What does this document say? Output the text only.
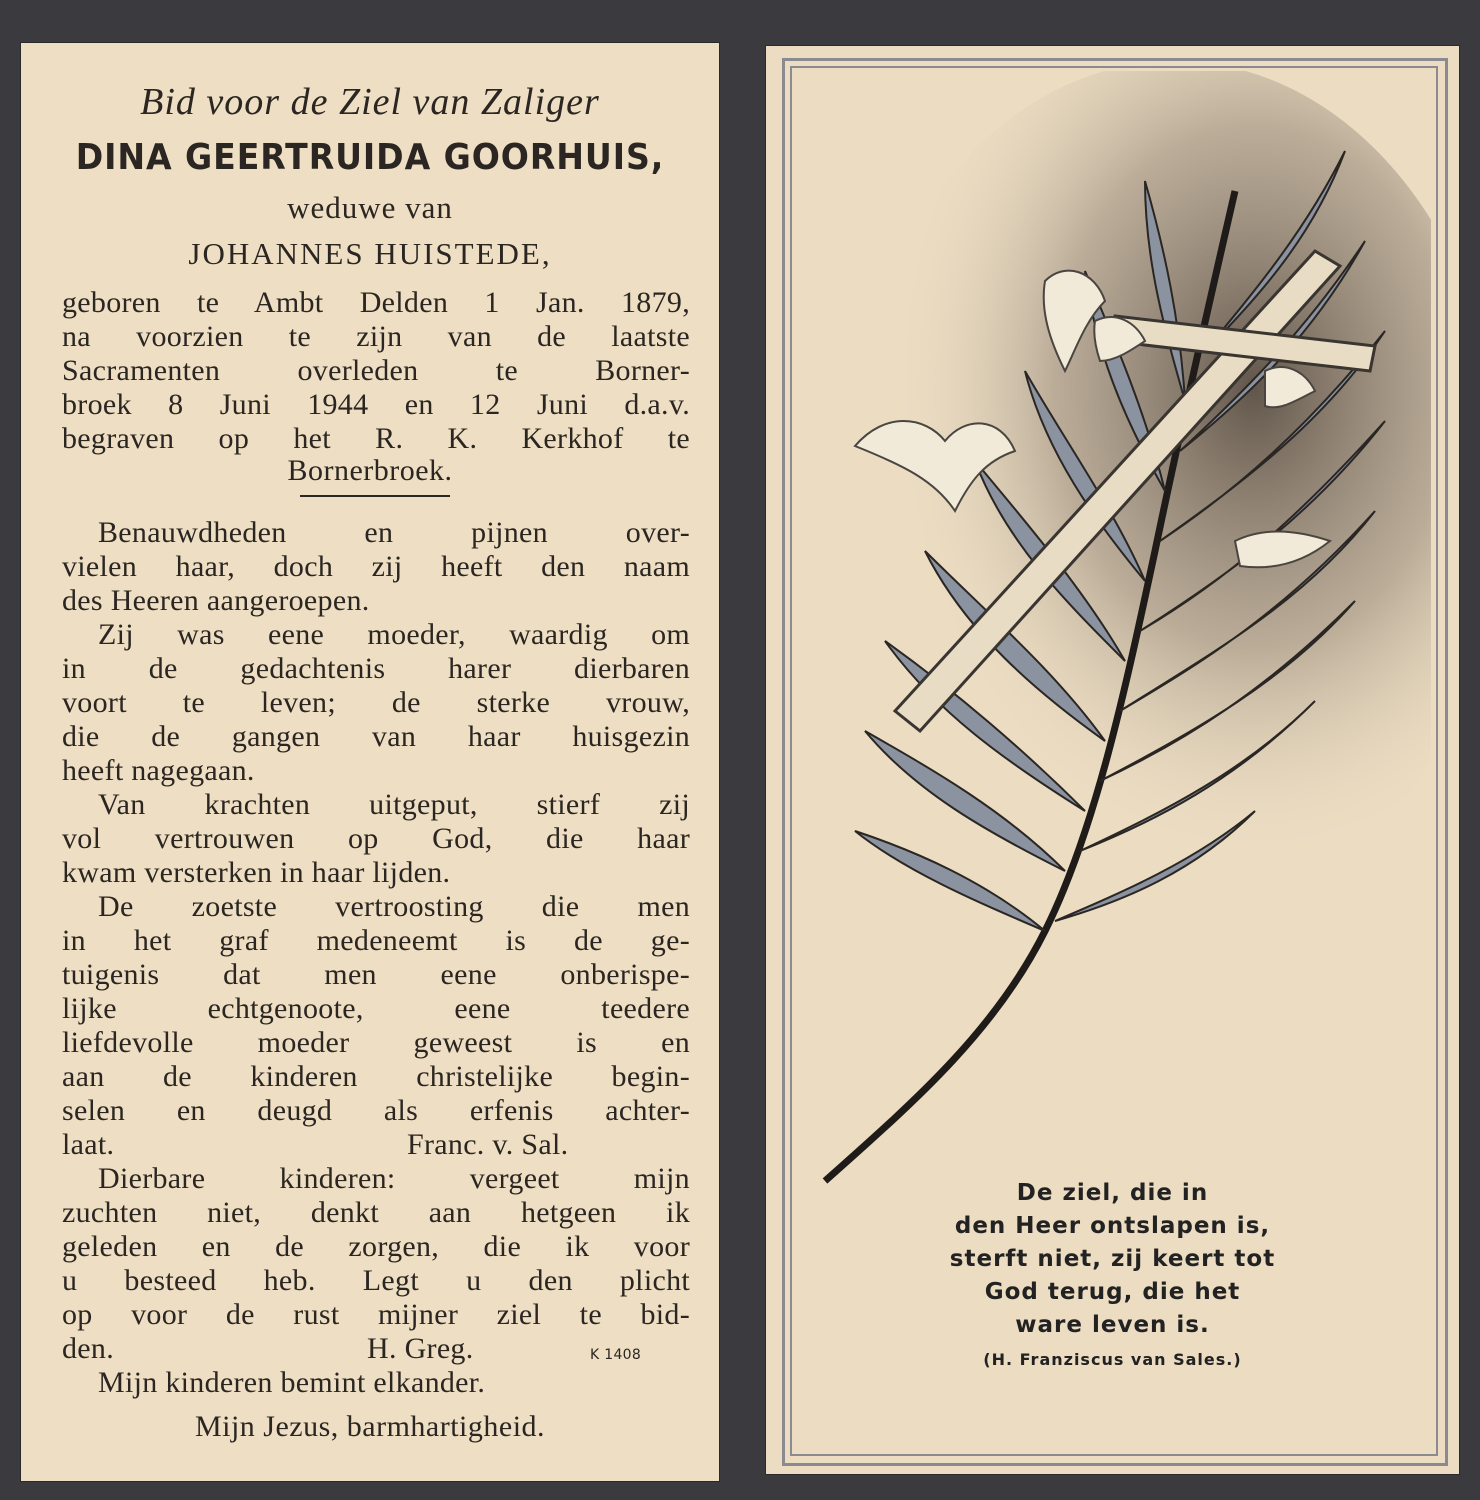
Bid voor de Ziel van Zaliger
DINA GEERTRUIDA GOORHUIS,
weduwe van
JOHANNES HUISTEDE,
geboren te Ambt Delden 1 Jan. 1879,
na voorzien te zijn van de laatste
Sacramenten overleden te Borner-
broek 8 Juni 1944 en 12 Juni d.a.v.
begraven op het R. K. Kerkhof te
Bornerbroek.
Benauwdheden en pijnen over-
vielen haar, doch zij heeft den naam
des Heeren aangeroepen.
Zij was eene moeder, waardig om
in de gedachtenis harer dierbaren
voort te leven; de sterke vrouw,
die de gangen van haar huisgezin
heeft nagegaan.
Van krachten uitgeput, stierf zij
vol vertrouwen op God, die haar
kwam versterken in haar lijden.
De zoetste vertroosting die men
in het graf medeneemt is de ge-
tuigenis dat men eene onberispe-
lijke echtgenoote, eene teedere
liefdevolle moeder geweest is en
aan de kinderen christelijke begin-
selen en deugd als erfenis achter-
laat.	Franc. v. Sal.
Dierbare kinderen: vergeet mijn
zuchten niet, denkt aan hetgeen ik
geleden en de zorgen, die ik voor
u besteed heb. Legt u den plicht
op voor de rust mijner ziel te bid-
den.	H. Greg.	K 1408
Mijn kinderen bemint elkander.
Mijn Jezus, barmhartigheid.
De ziel, die in
den Heer ontslapen is,
sterft niet, zij keert tot
God terug, die het
ware leven is.
(H. Franziscus van Sales.)
